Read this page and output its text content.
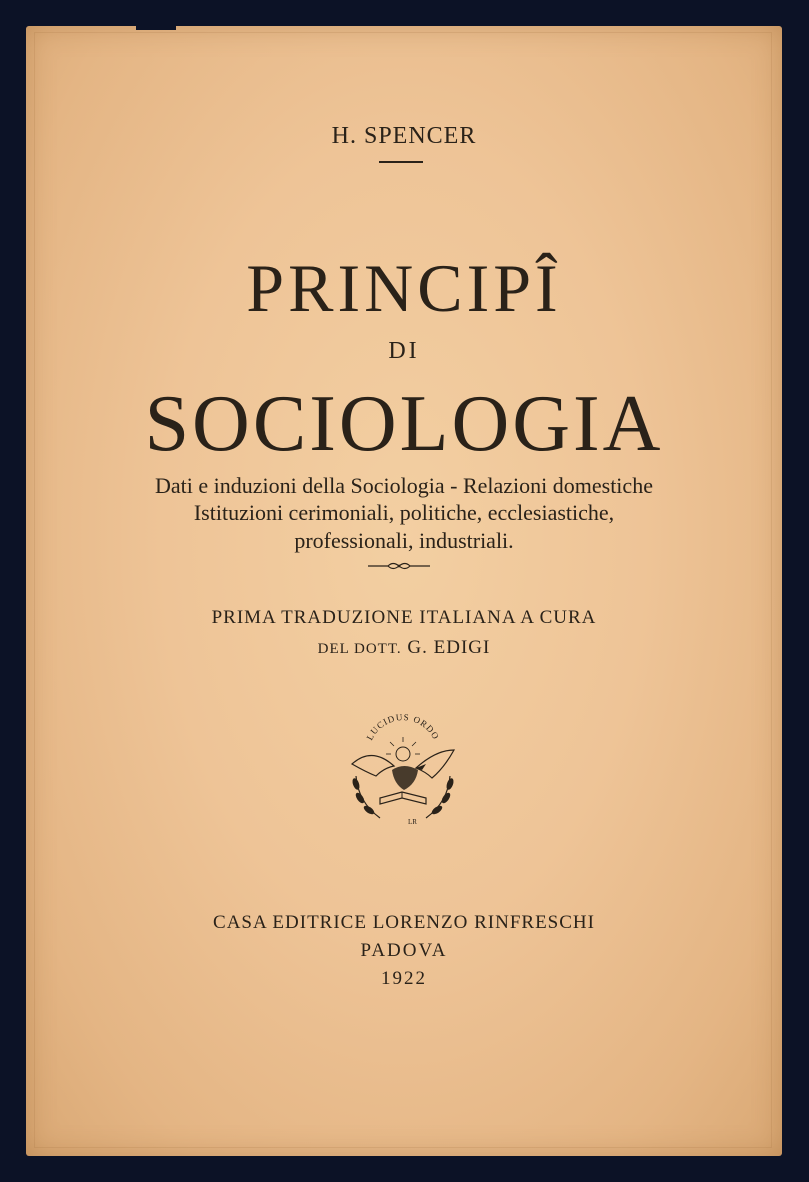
H. SPENCER
PRINCIPÎ
DI
SOCIOLOGIA
Dati e induzioni della Sociologia - Relazioni domestiche
Istituzioni cerimoniali, politiche, ecclesiastiche,
professionali, industriali.
PRIMA TRADUZIONE ITALIANA A CURA
DEL DOTT. G. EDIGI
LUCIDUS ORDO
LR
CASA EDITRICE LORENZO RINFRESCHI
PADOVA
1922
